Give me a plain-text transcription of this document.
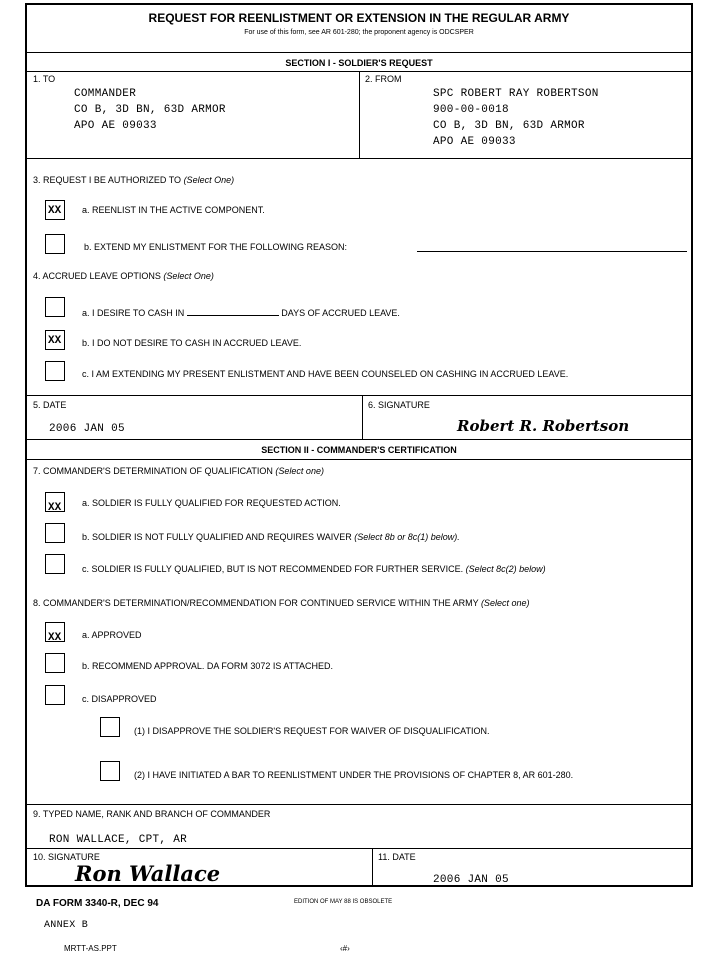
REQUEST FOR REENLISTMENT OR EXTENSION IN THE REGULAR ARMY
For use of this form, see AR 601-280; the proponent agency is ODCSPER
SECTION I - SOLDIER'S REQUEST
1. TO
COMMANDER
CO B, 3D BN, 63D ARMOR
APO AE 09033
2. FROM
SPC ROBERT RAY ROBERTSON
900-00-0018
CO B, 3D BN, 63D ARMOR
APO AE 09033
3. REQUEST I BE AUTHORIZED TO (Select One)
XX a. REENLIST IN THE ACTIVE COMPONENT.
b. EXTEND MY ENLISTMENT FOR THE FOLLOWING REASON:
4. ACCRUED LEAVE OPTIONS (Select One)
a. I DESIRE TO CASH IN	DAYS OF ACCRUED LEAVE.
XX b. I DO NOT DESIRE TO CASH IN ACCRUED LEAVE.
c. I AM EXTENDING MY PRESENT ENLISTMENT AND HAVE BEEN COUNSELED ON CASHING IN ACCRUED LEAVE.
5. DATE
2006 JAN 05
6. SIGNATURE
Robert R. Robertson
SECTION II - COMMANDER'S CERTIFICATION
7. COMMANDER'S DETERMINATION OF QUALIFICATION (Select one)
XX a. SOLDIER IS FULLY QUALIFIED FOR REQUESTED ACTION.
b. SOLDIER IS NOT FULLY QUALIFIED AND REQUIRES WAIVER (Select 8b or 8c(1) below).
c. SOLDIER IS FULLY QUALIFIED, BUT IS NOT RECOMMENDED FOR FURTHER SERVICE. (Select 8c(2) below)
8. COMMANDER'S DETERMINATION/RECOMMENDATION FOR CONTINUED SERVICE WITHIN THE ARMY (Select one)
XX a. APPROVED
b. RECOMMEND APPROVAL. DA FORM 3072 IS ATTACHED.
c. DISAPPROVED
(1) I DISAPPROVE THE SOLDIER'S REQUEST FOR WAIVER OF DISQUALIFICATION.
(2) I HAVE INITIATED A BAR TO REENLISTMENT UNDER THE PROVISIONS OF CHAPTER 8, AR 601-280.
9. TYPED NAME, RANK AND BRANCH OF COMMANDER
RON WALLACE, CPT, AR
10. SIGNATURE
Ron Wallace
11. DATE
2006 JAN 05
DA FORM 3340-R, DEC 94	EDITION OF MAY 88 IS OBSOLETE
ANNEX B
MRTT-AS.PPT	‹#›
